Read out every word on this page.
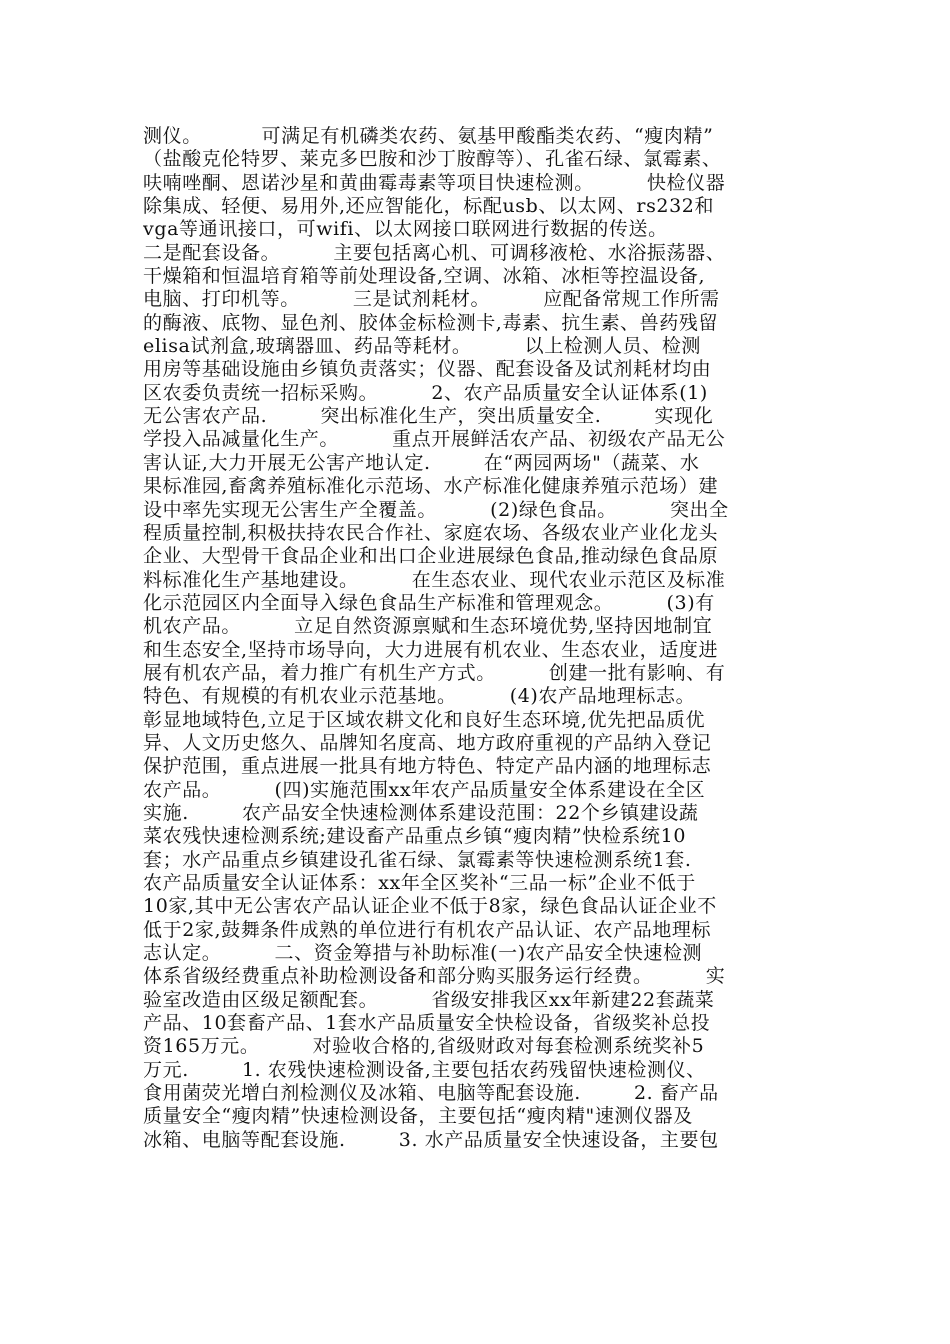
测仪。         可满足有机磷类农药、氨基甲酸酯类农药、“瘦肉精”
（盐酸克伦特罗、莱克多巴胺和沙丁胺醇等）、孔雀石绿、氯霉素、
呋喃唑酮、恩诺沙星和黄曲霉毒素等项目快速检测。        快检仪器
除集成、轻便、易用外,还应智能化，标配usb、以太网、rs232和
vga等通讯接口，可wifi、以太网接口联网进行数据的传送。
二是配套设备。        主要包括离心机、可调移液枪、水浴振荡器、
干燥箱和恒温培育箱等前处理设备,空调、冰箱、冰柜等控温设备,
电脑、打印机等。        三是试剂耗材。        应配备常规工作所需
的酶液、底物、显色剂、胶体金标检测卡,毒素、抗生素、兽药残留
elisa试剂盒,玻璃器皿、药品等耗材。        以上检测人员、检测
用房等基础设施由乡镇负责落实；仪器、配套设备及试剂耗材均由
区农委负责统一招标采购。        2、农产品质量安全认证体系(1)
无公害农产品.        突出标准化生产，突出质量安全.        实现化
学投入品减量化生产。        重点开展鲜活农产品、初级农产品无公
害认证,大力开展无公害产地认定.        在“两园两场"（蔬菜、水
果标准园,畜禽养殖标准化示范场、水产标准化健康养殖示范场）建
设中率先实现无公害生产全覆盖。        (2)绿色食品。        突出全
程质量控制,积极扶持农民合作社、家庭农场、各级农业产业化龙头
企业、大型骨干食品企业和出口企业进展绿色食品,推动绿色食品原
料标准化生产基地建设。        在生态农业、现代农业示范区及标准
化示范园区内全面导入绿色食品生产标准和管理观念。        (3)有
机农产品。        立足自然资源禀赋和生态环境优势,坚持因地制宜
和生态安全,坚持市场导向，大力进展有机农业、生态农业，适度进
展有机农产品，着力推广有机生产方式。        创建一批有影响、有
特色、有规模的有机农业示范基地。        (4)农产品地理标志。
彰显地域特色,立足于区域农耕文化和良好生态环境,优先把品质优
异、人文历史悠久、品牌知名度高、地方政府重视的产品纳入登记
保护范围，重点进展一批具有地方特色、特定产品内涵的地理标志
农产品。        (四)实施范围xx年农产品质量安全体系建设在全区
实施.        农产品安全快速检测体系建设范围：22个乡镇建设蔬
菜农残快速检测系统;建设畜产品重点乡镇“瘦肉精”快检系统10
套；水产品重点乡镇建设孔雀石绿、氯霉素等快速检测系统1套.
农产品质量安全认证体系：xx年全区奖补“三品一标”企业不低于
10家,其中无公害农产品认证企业不低于8家，绿色食品认证企业不
低于2家,鼓舞条件成熟的单位进行有机农产品认证、农产品地理标
志认定。        二、资金筹措与补助标准(一)农产品安全快速检测
体系省级经费重点补助检测设备和部分购买服务运行经费。        实
验室改造由区级足额配套。        省级安排我区xx年新建22套蔬菜
产品、10套畜产品、1套水产品质量安全快检设备，省级奖补总投
资165万元。        对验收合格的,省级财政对每套检测系统奖补5
万元.        1. 农残快速检测设备,主要包括农药残留快速检测仪、
食用菌荧光增白剂检测仪及冰箱、电脑等配套设施.        2. 畜产品
质量安全“瘦肉精”快速检测设备，主要包括“瘦肉精"速测仪器及
冰箱、电脑等配套设施.        3. 水产品质量安全快速设备，主要包
